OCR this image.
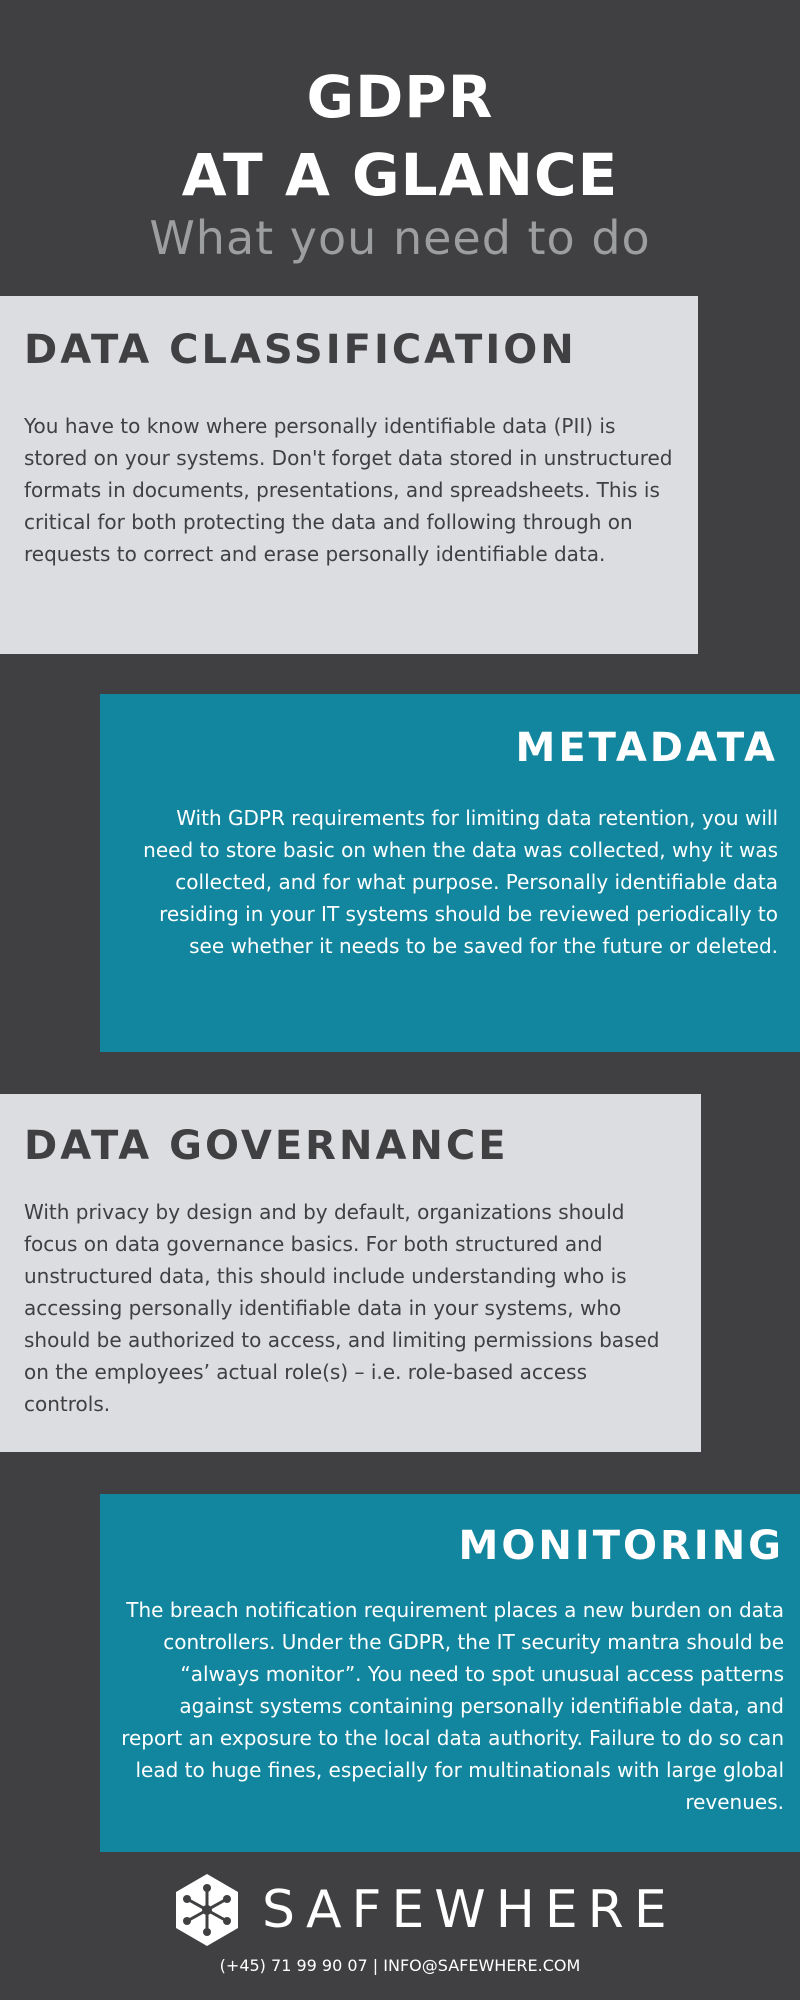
GDPR
AT A GLANCE
What you need to do
DATA CLASSIFICATION

You have to know where personally identifiable data (PII) is stored on your systems. Don't forget data stored in unstructured formats in documents, presentations, and spreadsheets. This is critical for both protecting the data and following through on requests to correct and erase personally identifiable data.

METADATA

With GDPR requirements for limiting data retention, you will need to store basic on when the data was collected, why it was collected, and for what purpose. Personally identifiable data residing in your IT systems should be reviewed periodically to see whether it needs to be saved for the future or deleted.

DATA GOVERNANCE

With privacy by design and by default, organizations should focus on data governance basics. For both structured and unstructured data, this should include understanding who is accessing personally identifiable data in your systems, who should be authorized to access, and limiting permissions based on the employees’ actual role(s) – i.e. role-based access controls.

MONITORING

The breach notification requirement places a new burden on data controllers. Under the GDPR, the IT security mantra should be “always monitor”. You need to spot unusual access patterns against systems containing personally identifiable data, and report an exposure to the local data authority. Failure to do so can lead to huge fines, especially for multinationals with large global revenues.

SAFEWHERE
(+45) 71 99 90 07 | INFO@SAFEWHERE.COM
